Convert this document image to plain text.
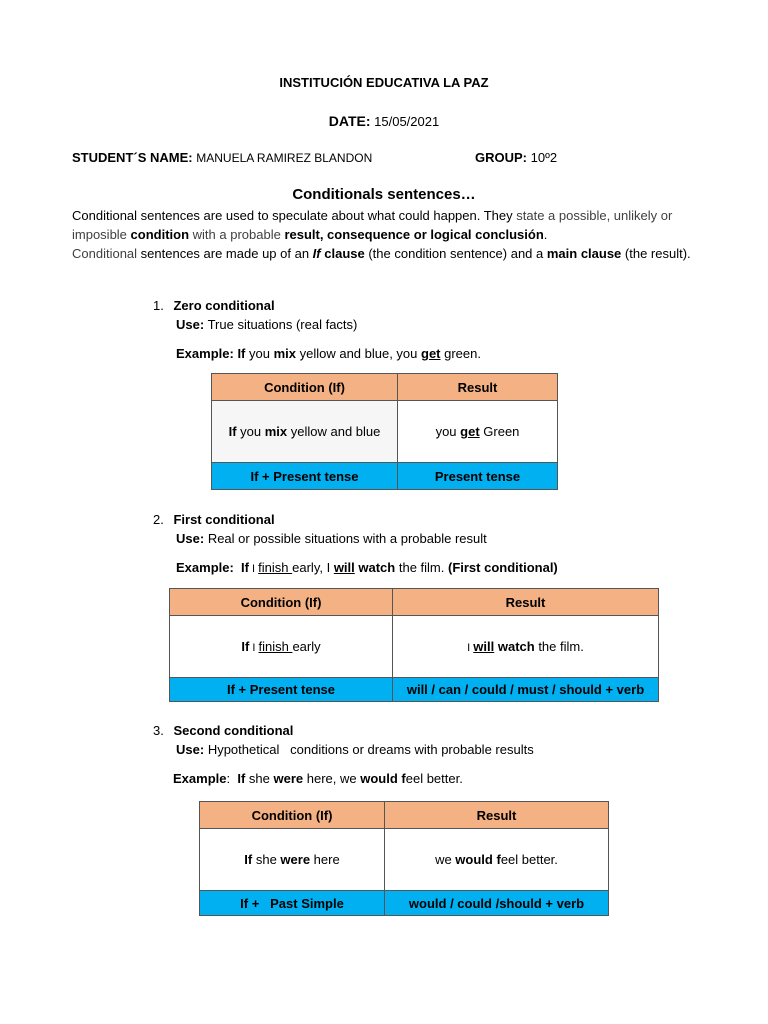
INSTITUCIÓN EDUCATIVA LA PAZ
DATE: 15/05/2021
STUDENT´S NAME: MANUELA RAMIREZ BLANDON	GROUP: 10º2
Conditionals sentences…
Conditional sentences are used to speculate about what could happen. They state a possible, unlikely or imposible condition with a probable result, consequence or logical conclusión.
Conditional sentences are made up of an If clause (the condition sentence) and a main clause (the result).
1. Zero conditional
Use: True situations (real facts)
Example: If you mix yellow and blue, you get green.
Condition (If)	Result
If you mix yellow and blue	you get Green
If + Present tense	Present tense
2. First conditional
Use: Real or possible situations with a probable result
Example: If I finish early, I will watch the film. (First conditional)
Condition (If)	Result
If I finish early	I will watch the film.
If + Present tense	will / can / could / must / should + verb
3. Second conditional
Use: Hypothetical   conditions or dreams with probable results
Example: If she were here, we would feel better.
Condition (If)	Result
If she were here	we would feel better.
If +   Past Simple	would / could /should + verb
